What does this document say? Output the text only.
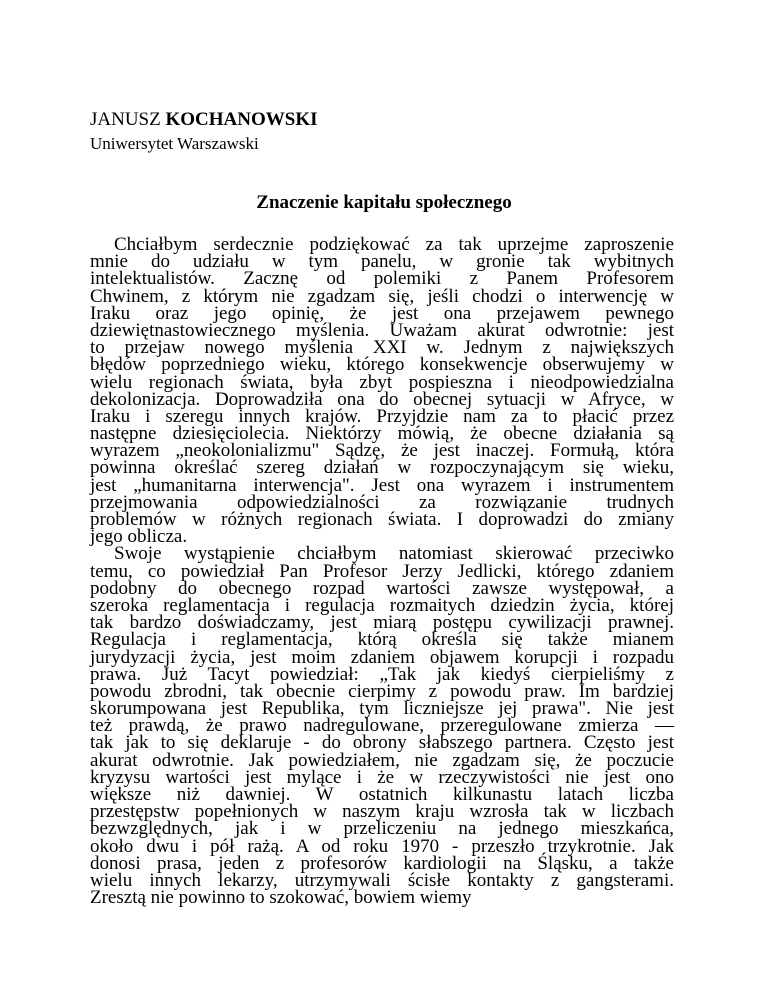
JANUSZ KOCHANOWSKI
Uniwersytet Warszawski
Znaczenie kapitału społecznego
Chciałbym serdecznie podziękować za tak uprzejme zaproszenie
mnie do udziału w tym panelu, w gronie tak wybitnych
intelektualistów. Zacznę od polemiki z Panem Profesorem
Chwinem, z którym nie zgadzam się, jeśli chodzi o interwencję w
Iraku oraz jego opinię, że jest ona przejawem pewnego
dziewiętnastowiecznego myślenia. Uważam akurat odwrotnie: jest
to przejaw nowego myślenia XXI w. Jednym z największych
błędów poprzedniego wieku, którego konsekwencje obserwujemy w
wielu regionach świata, była zbyt pospieszna i nieodpowiedzialna
dekolonizacja. Doprowadziła ona do obecnej sytuacji w Afryce, w
Iraku i szeregu innych krajów. Przyjdzie nam za to płacić przez
następne dziesięciolecia. Niektórzy mówią, że obecne działania są
wyrazem „neokolonializmu" Sądzę, że jest inaczej. Formułą, która
powinna określać szereg działań w rozpoczynającym się wieku,
jest „humanitarna interwencja". Jest ona wyrazem i instrumentem
przejmowania odpowiedzialności za rozwiązanie trudnych
problemów w różnych regionach świata. I doprowadzi do zmiany
jego oblicza.
Swoje wystąpienie chciałbym natomiast skierować przeciwko
temu, co powiedział Pan Profesor Jerzy Jedlicki, którego zdaniem
podobny do obecnego rozpad wartości zawsze występował, a
szeroka reglamentacja i regulacja rozmaitych dziedzin życia, której
tak bardzo doświadczamy, jest miarą postępu cywilizacji prawnej.
Regulacja i reglamentacja, którą określa się także mianem
jurydyzacji życia, jest moim zdaniem objawem korupcji i rozpadu
prawa. Już Tacyt powiedział: „Tak jak kiedyś cierpieliśmy z
powodu zbrodni, tak obecnie cierpimy z powodu praw. Im bardziej
skorumpowana jest Republika, tym liczniejsze jej prawa". Nie jest
też prawdą, że prawo nadregulowane, przeregulowane zmierza —
tak jak to się deklaruje - do obrony słabszego partnera. Często jest
akurat odwrotnie. Jak powiedziałem, nie zgadzam się, że poczucie
kryzysu wartości jest mylące i że w rzeczywistości nie jest ono
większe niż dawniej. W ostatnich kilkunastu latach liczba
przestępstw popełnionych w naszym kraju wzrosła tak w liczbach
bezwzględnych, jak i w przeliczeniu na jednego mieszkańca,
około dwu i pół rażą. A od roku 1970 - przeszło trzykrotnie. Jak
donosi prasa, jeden z profesorów kardiologii na Śląsku, a także
wielu innych lekarzy, utrzymywali ścisłe kontakty z gangsterami.
Zresztą nie powinno to szokować, bowiem wiemy
